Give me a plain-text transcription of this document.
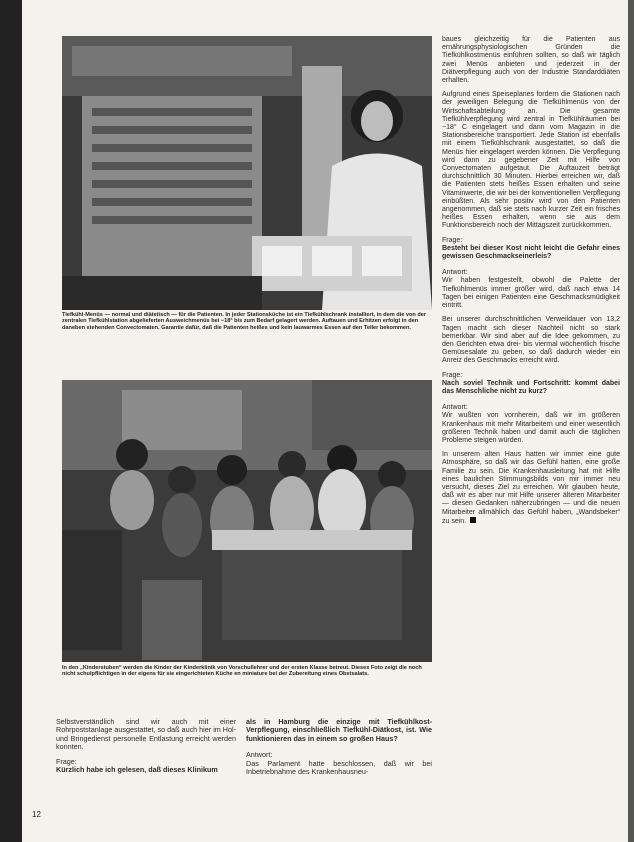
Tiefkühl-Menüs — normal und diätetisch — für die Patienten. In jeder Stationsküche ist ein Tiefkühlschrank installiert, in dem die von der zentralen Tiefkühlstation abgelieferten Ausweichmenüs bei −18° bis zum Bedarf gelagert werden. Auftauen und Erhitzen erfolgt in den daneben stehenden Convectomaten. Garantie dafür, daß die Patienten heißes und kein lauwarmes Essen auf den Teller bekommen.
In den „Kinderstuben“ werden die Kinder der Kinderklinik von Vorschullehrer und der ersten Klasse betreut. Dieses Foto zeigt die noch nicht schulpflichtigen in der eigens für sie eingerichteten Küche en miniature bei der Zubereitung eines Obstsalats.

Selbstverständlich sind wir auch mit einer Rohrpoststanlage ausgestattet, so daß auch hier im Hol- und Bringedienst personelle Entlastung erreicht werden konnten.

Frage:

Kürzlich habe ich gelesen, daß dieses Klinikum

als in Hamburg die einzige mit Tiefkühlkost-Verpflegung, einschließlich Tiefkühl-Diätkost, ist. Wie funktionieren das in einem so großen Haus?

Antwort:

Das Parlament hatte beschlossen, daß wir bei Inbetriebnahme des Krankenhausneu-

baues gleichzeitig für die Patienten aus ernährungsphysiologischen Gründen die Tiefkühlkostmenüs einführen sollten, so daß wir täglich zwei Menüs anbieten und jederzeit in der Diätverpflegung auch von der Industrie Standarddiäten erhalten.

Aufgrund eines Speiseplanes fordern die Stationen nach der jeweiligen Belegung die Tiefkühlmenüs von der Wirtschaftsabteilung an. Die gesamte Tiefkühlverpflegung wird zentral in Tiefkühlräumen bei −18° C eingelagert und dann vom Magazin in die Stationsbereiche transportiert. Jede Station ist ebenfalls mit einem Tiefkühlschrank ausgestattet, so daß die Menüs hier eingelagert werden können. Die Verpflegung wird dann zu gegebener Zeit mit Hilfe von Convectomaten aufgetaut. Die Auftauzeit beträgt durchschnittlich 30 Minuten. Hierbei erreichen wir, daß die Patienten stets heißes Essen erhalten und seine Vitaminwerte, die wir bei der konventionellen Verpflegung einbüßten. Als sehr positiv wird von den Patienten angenommen, daß sie stets nach kurzer Zeit ein frisches heißes Essen erhalten, wenn sie aus dem Funktionsbereich noch der Mittagszeit zurückkommen.

Frage:

Besteht bei dieser Kost nicht leicht die Gefahr eines gewissen Geschmackseinerleis?

Antwort:

Wir haben festgestellt, obwohl die Palette der Tiefkühlmenüs immer größer wird, daß nach etwa 14 Tagen bei einigen Patienten eine Geschmacksmüdigkeit eintritt.

Bei unserer durchschnittlichen Verweildauer von 13,2 Tagen macht sich dieser Nachteil nicht so stark bemerkbar. Wir sind aber auf die Idee gekommen, zu den Gerichten etwa drei- bis viermal wöchentlich frische Gemüsesalate zu geben, so daß dadurch wieder ein Anreiz des Geschmacks erreicht wird.

Frage:

Nach soviel Technik und Fortschritt: kommt dabei das Menschliche nicht zu kurz?

Antwort:

Wir wußten von vornherein, daß wir im größeren Krankenhaus mit mehr Mitarbeitern und einer wesentlich größeren Technik haben und damit auch die täglichen Probleme steigen würden.

In unserem alten Haus hatten wir immer eine gute Atmosphäre, so daß wir das Gefühl hatten, eine große Familie zu sein. Die Krankenhausleitung hat mit Hilfe eines baulichen Stimmungsbilds von mir immer neu versucht, dieses Ziel zu erreichen. Wir glauben heute, daß wir es aber nur mit Hilfe unserer älteren Mitarbeiter — diesen Gedanken näherzubringen — und die neuen Mitarbeiter allmählich das Gefühl haben, „Wandsbeker“ zu sein.

12
